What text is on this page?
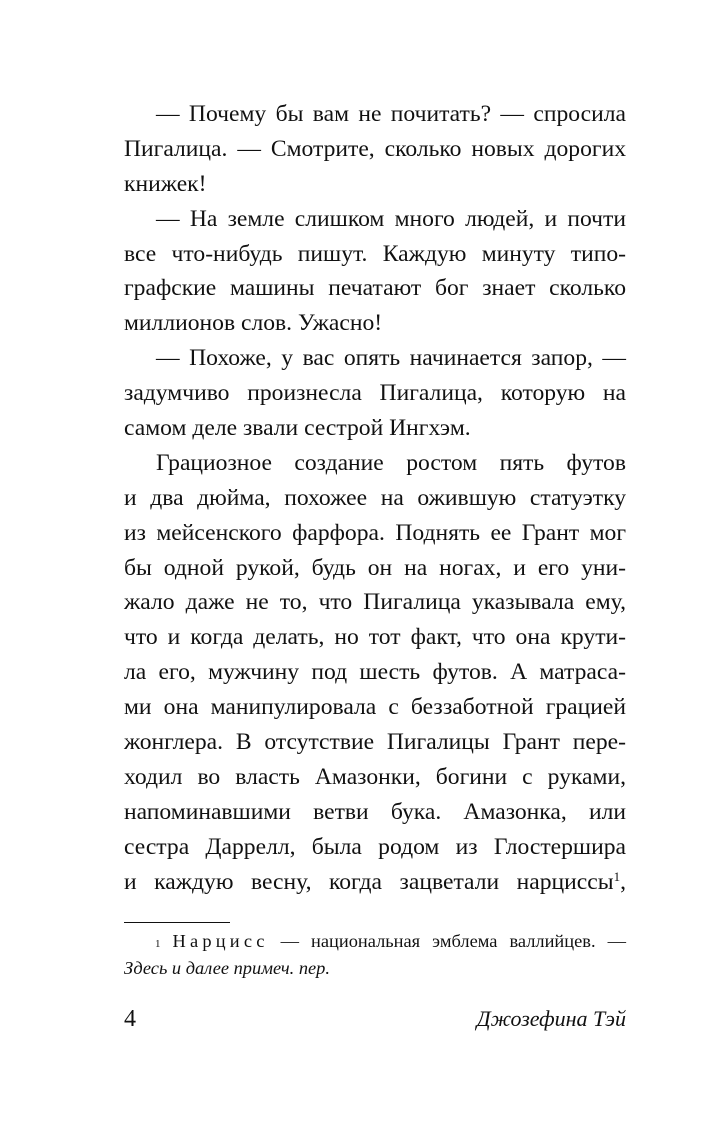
— Почему бы вам не почитать? — спросила
Пигалица. — Смотрите, сколько новых дорогих
книжек!
— На земле слишком много людей, и почти
все что-нибудь пишут. Каждую минуту типо-
графские машины печатают бог знает сколько
миллионов слов. Ужасно!
— Похоже, у вас опять начинается запор, —
задумчиво произнесла Пигалица, которую на
самом деле звали сестрой Ингхэм.
Грациозное создание ростом пять футов
и два дюйма, похожее на ожившую статуэтку
из мейсенского фарфора. Поднять ее Грант мог
бы одной рукой, будь он на ногах, и его уни-
жало даже не то, что Пигалица указывала ему,
что и когда делать, но тот факт, что она крути-
ла его, мужчину под шесть футов. А матраса-
ми она манипулировала с беззаботной грацией
жонглера. В отсутствие Пигалицы Грант пере-
ходил во власть Амазонки, богини с руками,
напоминавшими ветви бука. Амазонка, или
сестра Даррелл, была родом из Глостершира
и каждую весну, когда зацветали нарциссы$^1$,
$^1$ Нарцисс — национальная эмблема валлийцев. —
Здесь и далее примеч. пер.
4	Джозефина Тэй
